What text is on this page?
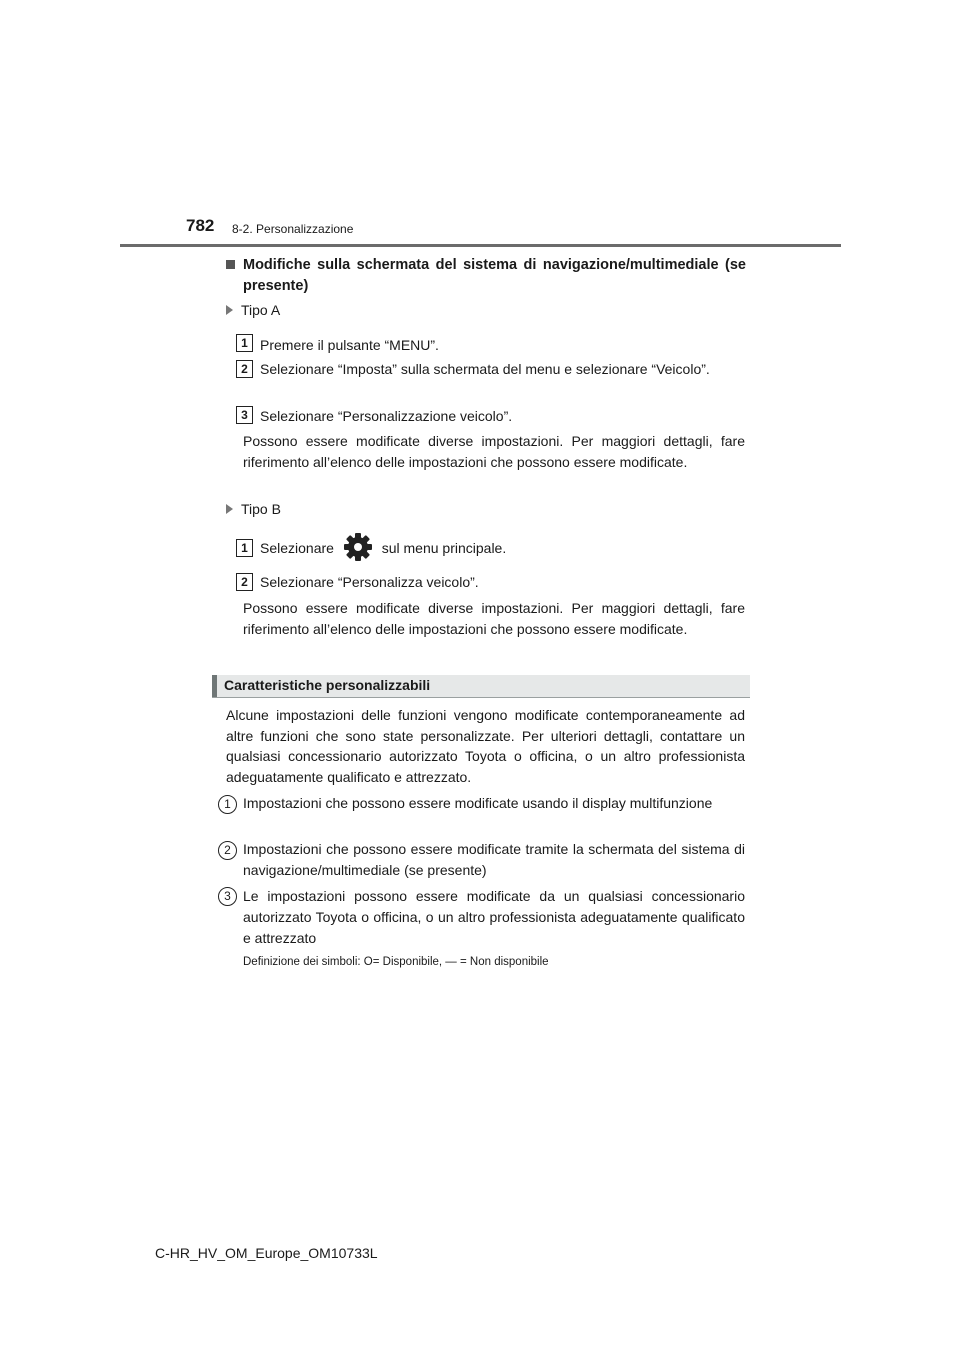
782 8-2. Personalizzazione
Modifiche sulla schermata del sistema di navigazione/multimediale (se presente)
Tipo A
1 Premere il pulsante “MENU”.
2 Selezionare “Imposta” sulla schermata del menu e selezionare “Veicolo”.
3 Selezionare “Personalizzazione veicolo”.
Possono essere modificate diverse impostazioni. Per maggiori dettagli, fare riferimento all’elenco delle impostazioni che possono essere modificate.
Tipo B
1 Selezionare	sul menu principale.
2 Selezionare “Personalizza veicolo”.
Possono essere modificate diverse impostazioni. Per maggiori dettagli, fare riferimento all’elenco delle impostazioni che possono essere modificate.
Caratteristiche personalizzabili
Alcune impostazioni delle funzioni vengono modificate contemporaneamente ad altre funzioni che sono state personalizzate. Per ulteriori dettagli, contattare un qualsiasi concessionario autorizzato Toyota o officina, o un altro professionista adeguatamente qualificato e attrezzato.
1 Impostazioni che possono essere modificate usando il display multifunzione
2 Impostazioni che possono essere modificate tramite la schermata del sistema di navigazione/multimediale (se presente)
3 Le impostazioni possono essere modificate da un qualsiasi concessionario autorizzato Toyota o officina, o un altro professionista adeguatamente qualificato e attrezzato
Definizione dei simboli: O= Disponibile, — = Non disponibile
C-HR_HV_OM_Europe_OM10733L
